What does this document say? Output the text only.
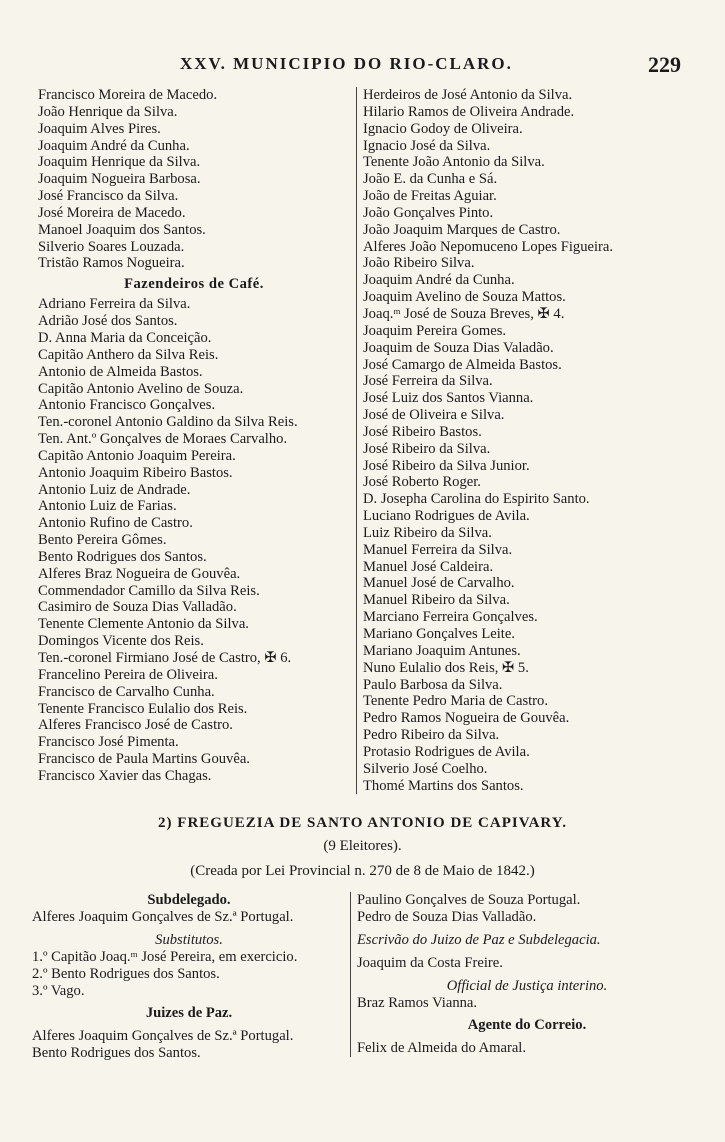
XXV. MUNICIPIO DO RIO-CLARO.	229
Francisco Moreira de Macedo.
João Henrique da Silva.
Joaquim Alves Pires.
Joaquim André da Cunha.
Joaquim Henrique da Silva.
Joaquim Nogueira Barbosa.
José Francisco da Silva.
José Moreira de Macedo.
Manoel Joaquim dos Santos.
Silverio Soares Louzada.
Tristão Ramos Nogueira.
Fazendeiros de Café.
Adriano Ferreira da Silva.
Adrião José dos Santos.
D. Anna Maria da Conceição.
Capitão Anthero da Silva Reis.
Antonio de Almeida Bastos.
Capitão Antonio Avelino de Souza.
Antonio Francisco Gonçalves.
Ten.-coronel Antonio Galdino da Silva Reis.
Ten. Ant.º Gonçalves de Moraes Carvalho.
Capitão Antonio Joaquim Pereira.
Antonio Joaquim Ribeiro Bastos.
Antonio Luiz de Andrade.
Antonio Luiz de Farias.
Antonio Rufino de Castro.
Bento Pereira Gômes.
Bento Rodrigues dos Santos.
Alferes Braz Nogueira de Gouvêa.
Commendador Camillo da Silva Reis.
Casimiro de Souza Dias Valladão.
Tenente Clemente Antonio da Silva.
Domingos Vicente dos Reis.
Ten.-coronel Firmiano José de Castro, ✠ 6.
Francelino Pereira de Oliveira.
Francisco de Carvalho Cunha.
Tenente Francisco Eulalio dos Reis.
Alferes Francisco José de Castro.
Francisco José Pimenta.
Francisco de Paula Martins Gouvêa.
Francisco Xavier das Chagas.
Herdeiros de José Antonio da Silva.
Hilario Ramos de Oliveira Andrade.
Ignacio Godoy de Oliveira.
Ignacio José da Silva.
Tenente João Antonio da Silva.
João E. da Cunha e Sá.
João de Freitas Aguiar.
João Gonçalves Pinto.
João Joaquim Marques de Castro.
Alferes João Nepomuceno Lopes Figueira.
João Ribeiro Silva.
Joaquim André da Cunha.
Joaquim Avelino de Souza Mattos.
Joaq.ᵐ José de Souza Breves, ✠ 4.
Joaquim Pereira Gomes.
Joaquim de Souza Dias Valadão.
José Camargo de Almeida Bastos.
José Ferreira da Silva.
José Luiz dos Santos Vianna.
José de Oliveira e Silva.
José Ribeiro Bastos.
José Ribeiro da Silva.
José Ribeiro da Silva Junior.
José Roberto Roger.
D. Josepha Carolina do Espirito Santo.
Luciano Rodrigues de Avila.
Luiz Ribeiro da Silva.
Manuel Ferreira da Silva.
Manuel José Caldeira.
Manuel José de Carvalho.
Manuel Ribeiro da Silva.
Marciano Ferreira Gonçalves.
Mariano Gonçalves Leite.
Mariano Joaquim Antunes.
Nuno Eulalio dos Reis, ✠ 5.
Paulo Barbosa da Silva.
Tenente Pedro Maria de Castro.
Pedro Ramos Nogueira de Gouvêa.
Pedro Ribeiro da Silva.
Protasio Rodrigues de Avila.
Silverio José Coelho.
Thomé Martins dos Santos.
2) FREGUEZIA DE SANTO ANTONIO DE CAPIVARY.
(9 Eleitores).
(Creada por Lei Provincial n. 270 de 8 de Maio de 1842.)
Subdelegado.
Alferes Joaquim Gonçalves de Sz.ª Portugal.
Substitutos.
1.º Capitão Joaq.ᵐ José Pereira, em exercicio.
2.º Bento Rodrigues dos Santos.
3.º Vago.
Juizes de Paz.
Alferes Joaquim Gonçalves de Sz.ª Portugal.
Bento Rodrigues dos Santos.
Paulino Gonçalves de Souza Portugal.
Pedro de Souza Dias Valladão.
Escrivão do Juizo de Paz e Subdelegacia.
Joaquim da Costa Freire.
Official de Justiça interino.
Braz Ramos Vianna.
Agente do Correio.
Felix de Almeida do Amaral.
